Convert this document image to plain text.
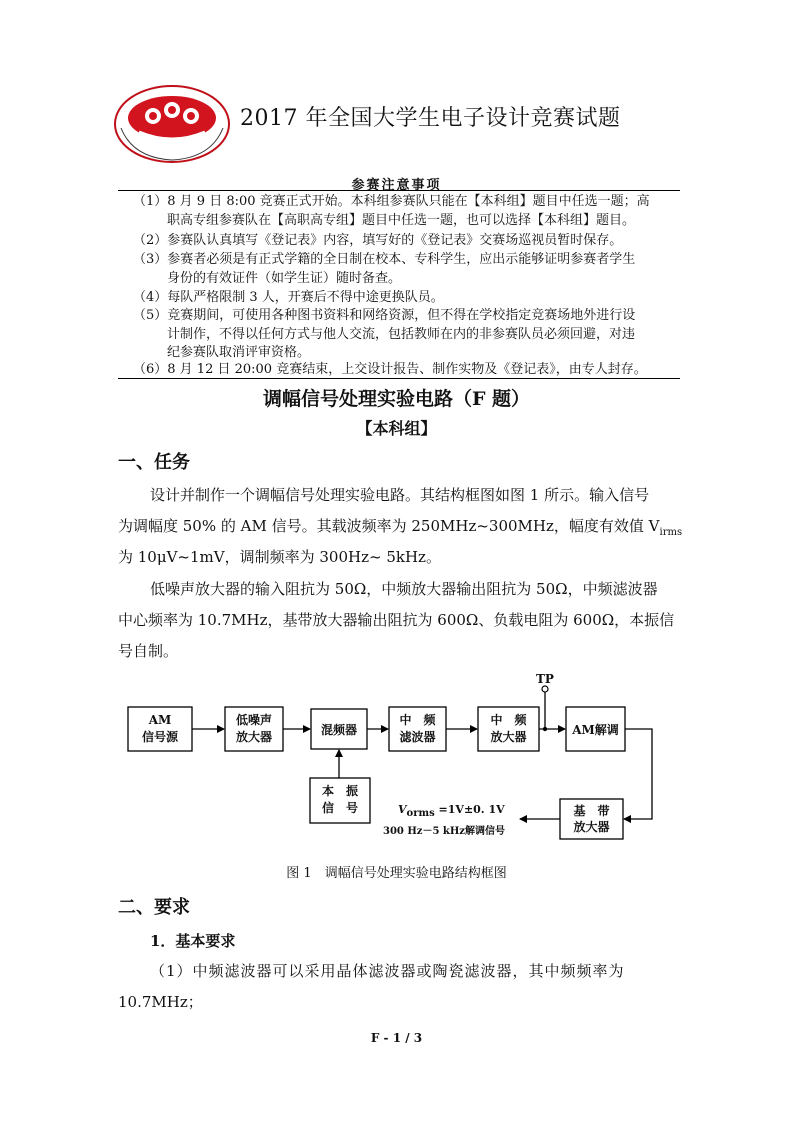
2017 年全国大学生电子设计竞赛试题
参赛注意事项
（1）8 月 9 日 8:00 竞赛正式开始。本科组参赛队只能在【本科组】题目中任选一题；高
职高专组参赛队在【高职高专组】题目中任选一题，也可以选择【本科组】题目。
（2）参赛队认真填写《登记表》内容，填写好的《登记表》交赛场巡视员暂时保存。
（3）参赛者必须是有正式学籍的全日制在校本、专科学生，应出示能够证明参赛者学生
身份的有效证件（如学生证）随时备查。
（4）每队严格限制 3 人，开赛后不得中途更换队员。
（5）竞赛期间，可使用各种图书资料和网络资源，但不得在学校指定竞赛场地外进行设
计制作，不得以任何方式与他人交流，包括教师在内的非参赛队员必须回避，对违
纪参赛队取消评审资格。
（6）8 月 12 日 20:00 竞赛结束，上交设计报告、制作实物及《登记表》，由专人封存。
调幅信号处理实验电路（F 题）
【本科组】
一、任务
设计并制作一个调幅信号处理实验电路。其结构框图如图 1 所示。输入信号
为调幅度 50% 的 AM 信号。其载波频率为 250MHz~300MHz，幅度有效值 $V_{irms}$
为 10μV~1mV，调制频率为 300Hz~ 5kHz。
低噪声放大器的输入阻抗为 50Ω，中频放大器输出阻抗为 50Ω，中频滤波器
中心频率为 10.7MHz，基带放大器输出阻抗为 600Ω、负载电阻为 600Ω，本振信
号自制。
AM
信号源
低噪声
放大器	混频器
中　频
滤波器
中　频
放大器	AM解调
本　振
信　号	基　带
放大器
TP
$V_{orms} =1V\pm 0$. 1V
300 Hz－5 kHz解调信号
图 1　调幅信号处理实验电路结构框图
二、要求
1．基本要求
（1）中频滤波器可以采用晶体滤波器或陶瓷滤波器，其中频频率为
10.7MHz；
F - 1 / 3
